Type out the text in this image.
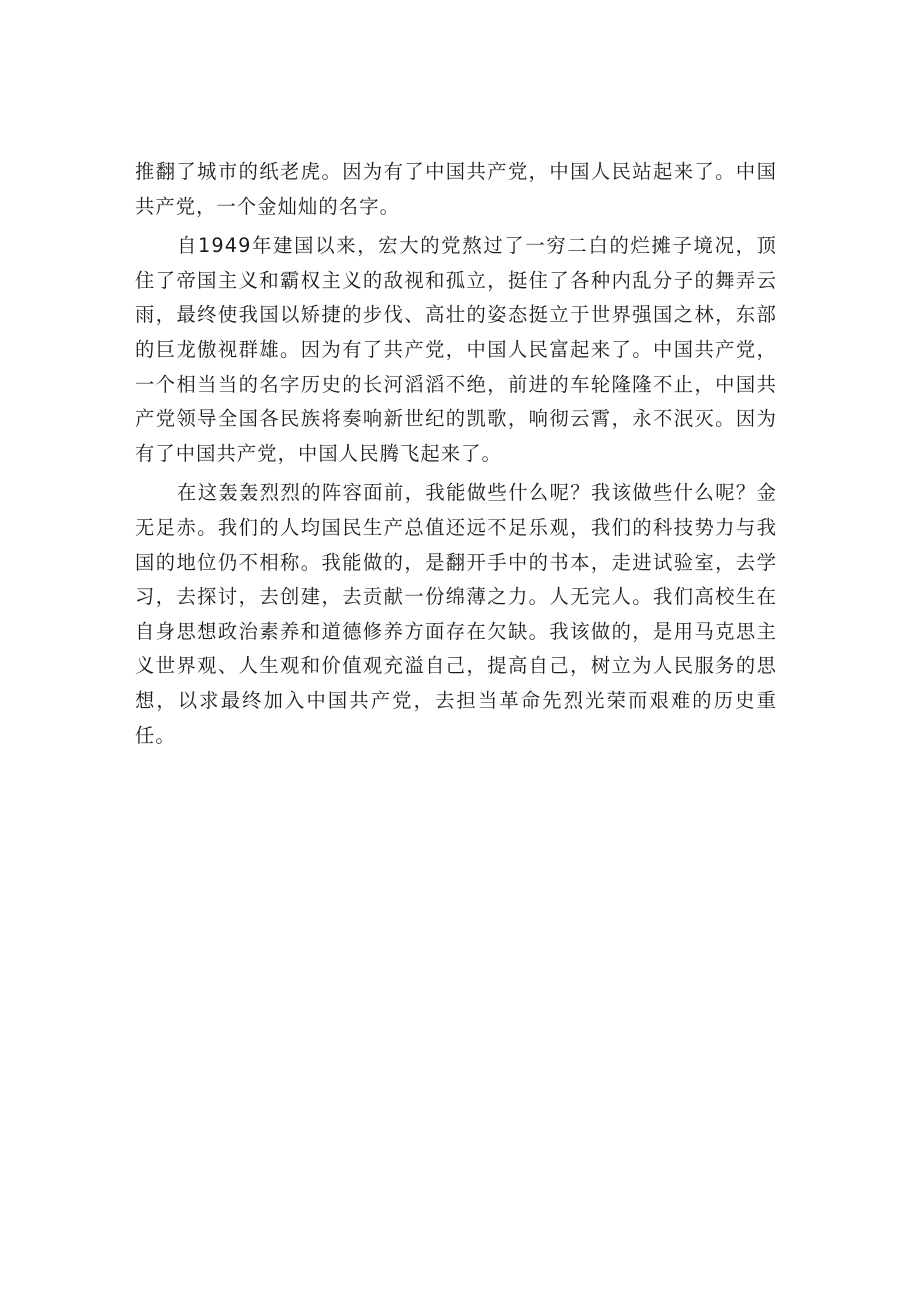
推翻了城市的纸老虎。因为有了中国共产党，中国人民站起来了。中国共产党，一个金灿灿的名字。

自1949年建国以来，宏大的党熬过了一穷二白的烂摊子境况，顶住了帝国主义和霸权主义的敌视和孤立，挺住了各种内乱分子的舞弄云雨，最终使我国以矫捷的步伐、高壮的姿态挺立于世界强国之林，东部的巨龙傲视群雄。因为有了共产党，中国人民富起来了。中国共产党，一个相当当的名字历史的长河滔滔不绝，前进的车轮隆隆不止，中国共产党领导全国各民族将奏响新世纪的凯歌，响彻云霄，永不泯灭。因为有了中国共产党，中国人民腾飞起来了。

在这轰轰烈烈的阵容面前，我能做些什么呢？我该做些什么呢？金无足赤。我们的人均国民生产总值还远不足乐观，我们的科技势力与我国的地位仍不相称。我能做的，是翻开手中的书本，走进试验室，去学习，去探讨，去创建，去贡献一份绵薄之力。人无完人。我们高校生在自身思想政治素养和道德修养方面存在欠缺。我该做的，是用马克思主义世界观、人生观和价值观充溢自己，提高自己，树立为人民服务的思想，以求最终加入中国共产党，去担当革命先烈光荣而艰难的历史重任。
